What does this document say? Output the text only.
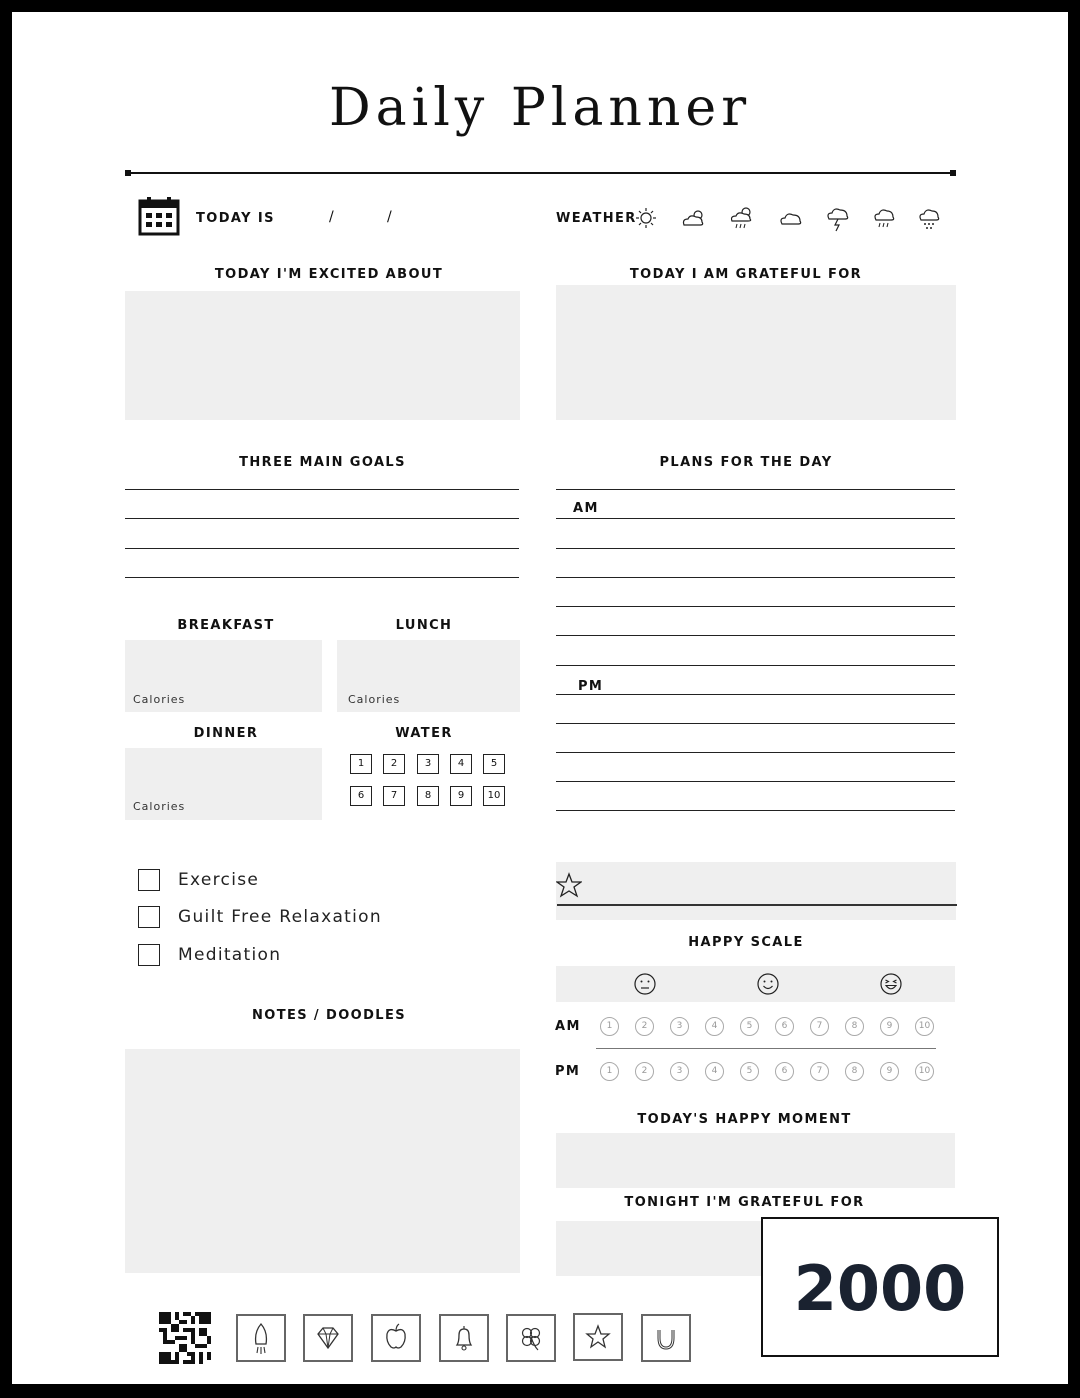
Daily Planner
TODAY IS	/	/	WEATHER
TODAY I'M EXCITED ABOUT	TODAY I AM GRATEFUL FOR
THREE MAIN GOALS	PLANS FOR THE DAY
AM
PM
BREAKFAST
Calories
LUNCH
Calories
DINNER
Calories
WATER
1	2	3	4	5
6	7	8	9	10
Exercise
Guilt Free Relaxation
Meditation
HAPPY SCALE
AM	1	2	3	4	5	6	7	8	9	10
PM	1	2	3	4	5	6	7	8	9	10
NOTES / DOODLES
TODAY'S HAPPY MOMENT
TONIGHT I'M GRATEFUL FOR
2000
